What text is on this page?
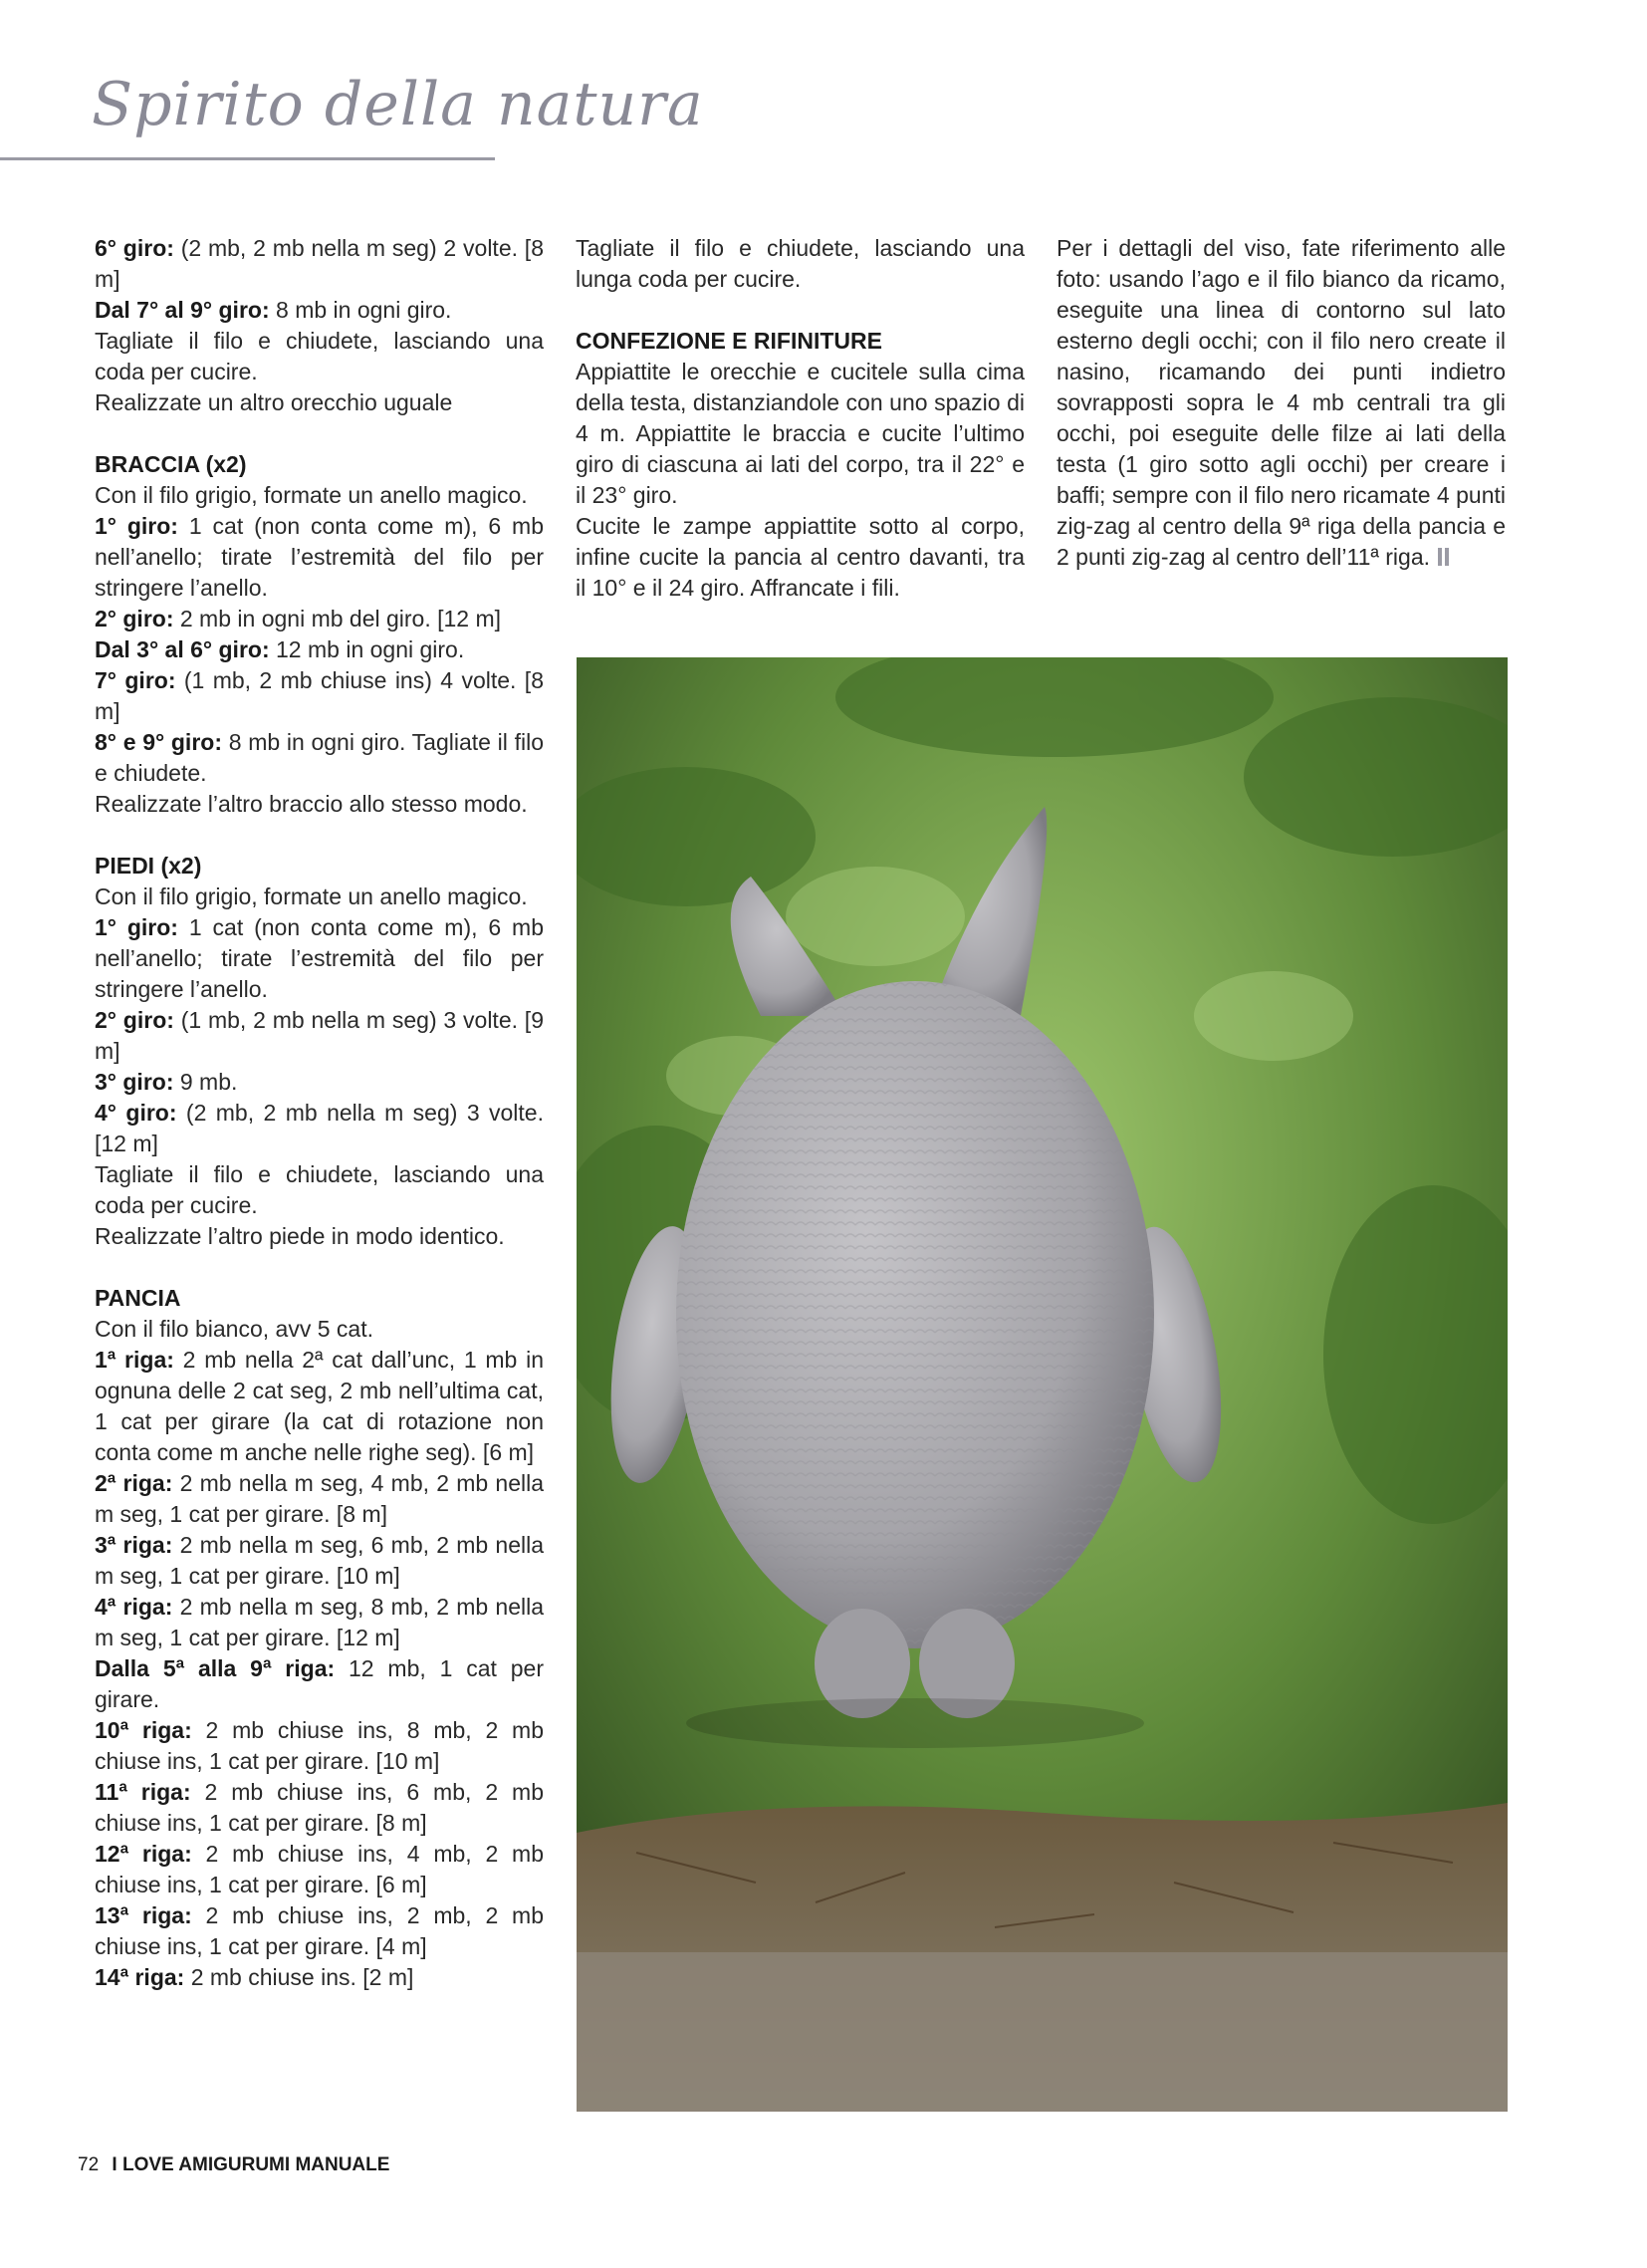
Spirito della natura

6° giro: (2 mb, 2 mb nella m seg) 2 volte. [8 m]

Dal 7° al 9° giro: 8 mb in ogni giro.

Tagliate il filo e chiudete, lasciando una coda per cucire.

Realizzate un altro orecchio uguale

BRACCIA (x2)

Con il filo grigio, formate un anello magico.

1° giro: 1 cat (non conta come m), 6 mb nell’anello; tirate l’estremità del filo per stringere l’anello.

2° giro: 2 mb in ogni mb del giro. [12 m]

Dal 3° al 6° giro: 12 mb in ogni giro.

7° giro: (1 mb, 2 mb chiuse ins) 4 volte. [8 m]

8° e 9° giro: 8 mb in ogni giro. Tagliate il filo e chiudete.

Realizzate l’altro braccio allo stesso modo.

PIEDI (x2)

Con il filo grigio, formate un anello magico.

1° giro: 1 cat (non conta come m), 6 mb nell’anello; tirate l’estremità del filo per stringere l’anello.

2° giro: (1 mb, 2 mb nella m seg) 3 volte. [9 m]

3° giro: 9 mb.

4° giro: (2 mb, 2 mb nella m seg) 3 volte. [12 m]

Tagliate il filo e chiudete, lasciando una coda per cucire.

Realizzate l’altro piede in modo identico.

PANCIA

Con il filo bianco, avv 5 cat.

1ª riga: 2 mb nella 2ª cat dall’unc, 1 mb in ognuna delle 2 cat seg, 2 mb nell’ultima cat, 1 cat per girare (la cat di rotazione non conta come m anche nelle righe seg). [6 m]

2ª riga: 2 mb nella m seg, 4 mb, 2 mb nella m seg, 1 cat per girare. [8 m]

3ª riga: 2 mb nella m seg, 6 mb, 2 mb nella m seg, 1 cat per girare. [10 m]

4ª riga: 2 mb nella m seg, 8 mb, 2 mb nella m seg, 1 cat per girare. [12 m]

Dalla 5ª alla 9ª riga: 12 mb, 1 cat per girare.

10ª riga: 2 mb chiuse ins, 8 mb, 2 mb chiuse ins, 1 cat per girare. [10 m]

11ª riga: 2 mb chiuse ins, 6 mb, 2 mb chiuse ins, 1 cat per girare. [8 m]

12ª riga: 2 mb chiuse ins, 4 mb, 2 mb chiuse ins, 1 cat per girare. [6 m]

13ª riga: 2 mb chiuse ins, 2 mb, 2 mb chiuse ins, 1 cat per girare. [4 m]

14ª riga: 2 mb chiuse ins. [2 m]

Tagliate il filo e chiudete, lasciando una lunga coda per cucire.

CONFEZIONE E RIFINITURE

Appiattite le orecchie e cucitele sulla cima della testa, distanziandole con uno spazio di 4 m. Appiattite le braccia e cucite l’ultimo giro di ciascuna ai lati del corpo, tra il 22° e il 23° giro.

Cucite le zampe appiattite sotto al corpo, infine cucite la pancia al centro davanti, tra il 10° e il 24 giro. Affrancate i fili.

Per i dettagli del viso, fate riferimento alle foto: usando l’ago e il filo bianco da ricamo, eseguite una linea di contorno sul lato esterno degli occhi; con il filo nero create il nasino, ricamando dei punti indietro sovrapposti sopra le 4 mb centrali tra gli occhi, poi eseguite delle filze ai lati della testa (1 giro sotto agli occhi) per creare i baffi; sempre con il filo nero ricamate 4 punti zig-zag al centro della 9ª riga della pancia e 2 punti zig-zag al centro dell’11ª riga.

72 I LOVE AMIGURUMI MANUALE
